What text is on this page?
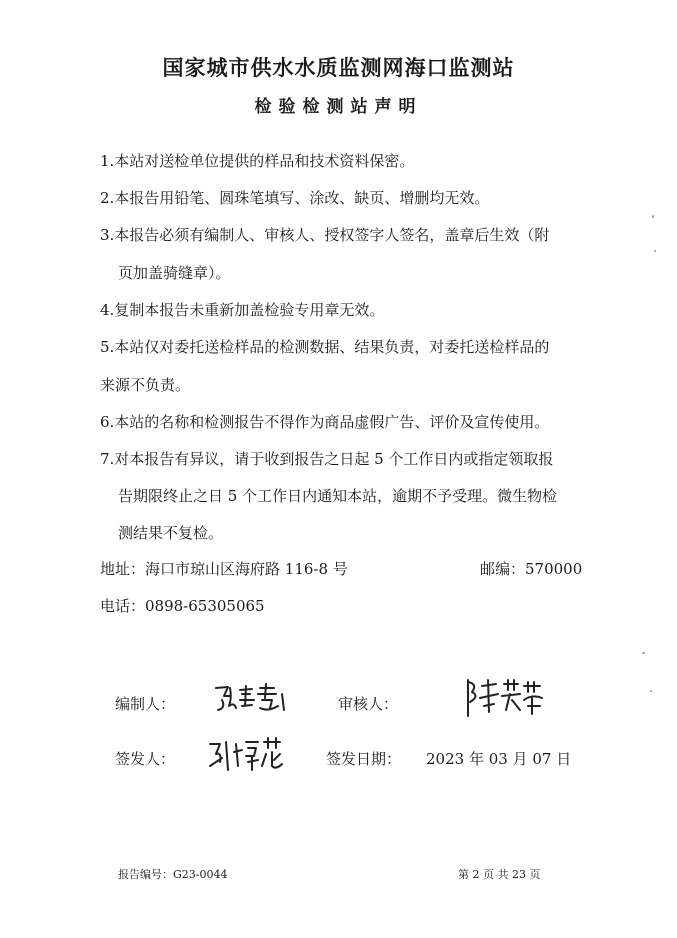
国家城市供水水质监测网海口监测站
检验检测站声明
1.本站对送检单位提供的样品和技术资料保密。
2.本报告用铅笔、圆珠笔填写、涂改、缺页、增删均无效。
3.本报告必须有编制人、审核人、授权签字人签名，盖章后生效（附
页加盖骑缝章）。
4.复制本报告未重新加盖检验专用章无效。
5.本站仅对委托送检样品的检测数据、结果负责，对委托送检样品的
来源不负责。
6.本站的名称和检测报告不得作为商品虚假广告、评价及宣传使用。
7.对本报告有异议，请于收到报告之日起 5 个工作日内或指定领取报
告期限终止之日 5 个工作日内通知本站，逾期不予受理。微生物检
测结果不复检。
地址：海口市琼山区海府路 116-8 号	邮编：570000
电话：0898-65305065
编制人：	审核人：
签发人：	签发日期： 2023 年 03 月 07 日
报告编号：G23-0044	第 2 页 共 23 页
